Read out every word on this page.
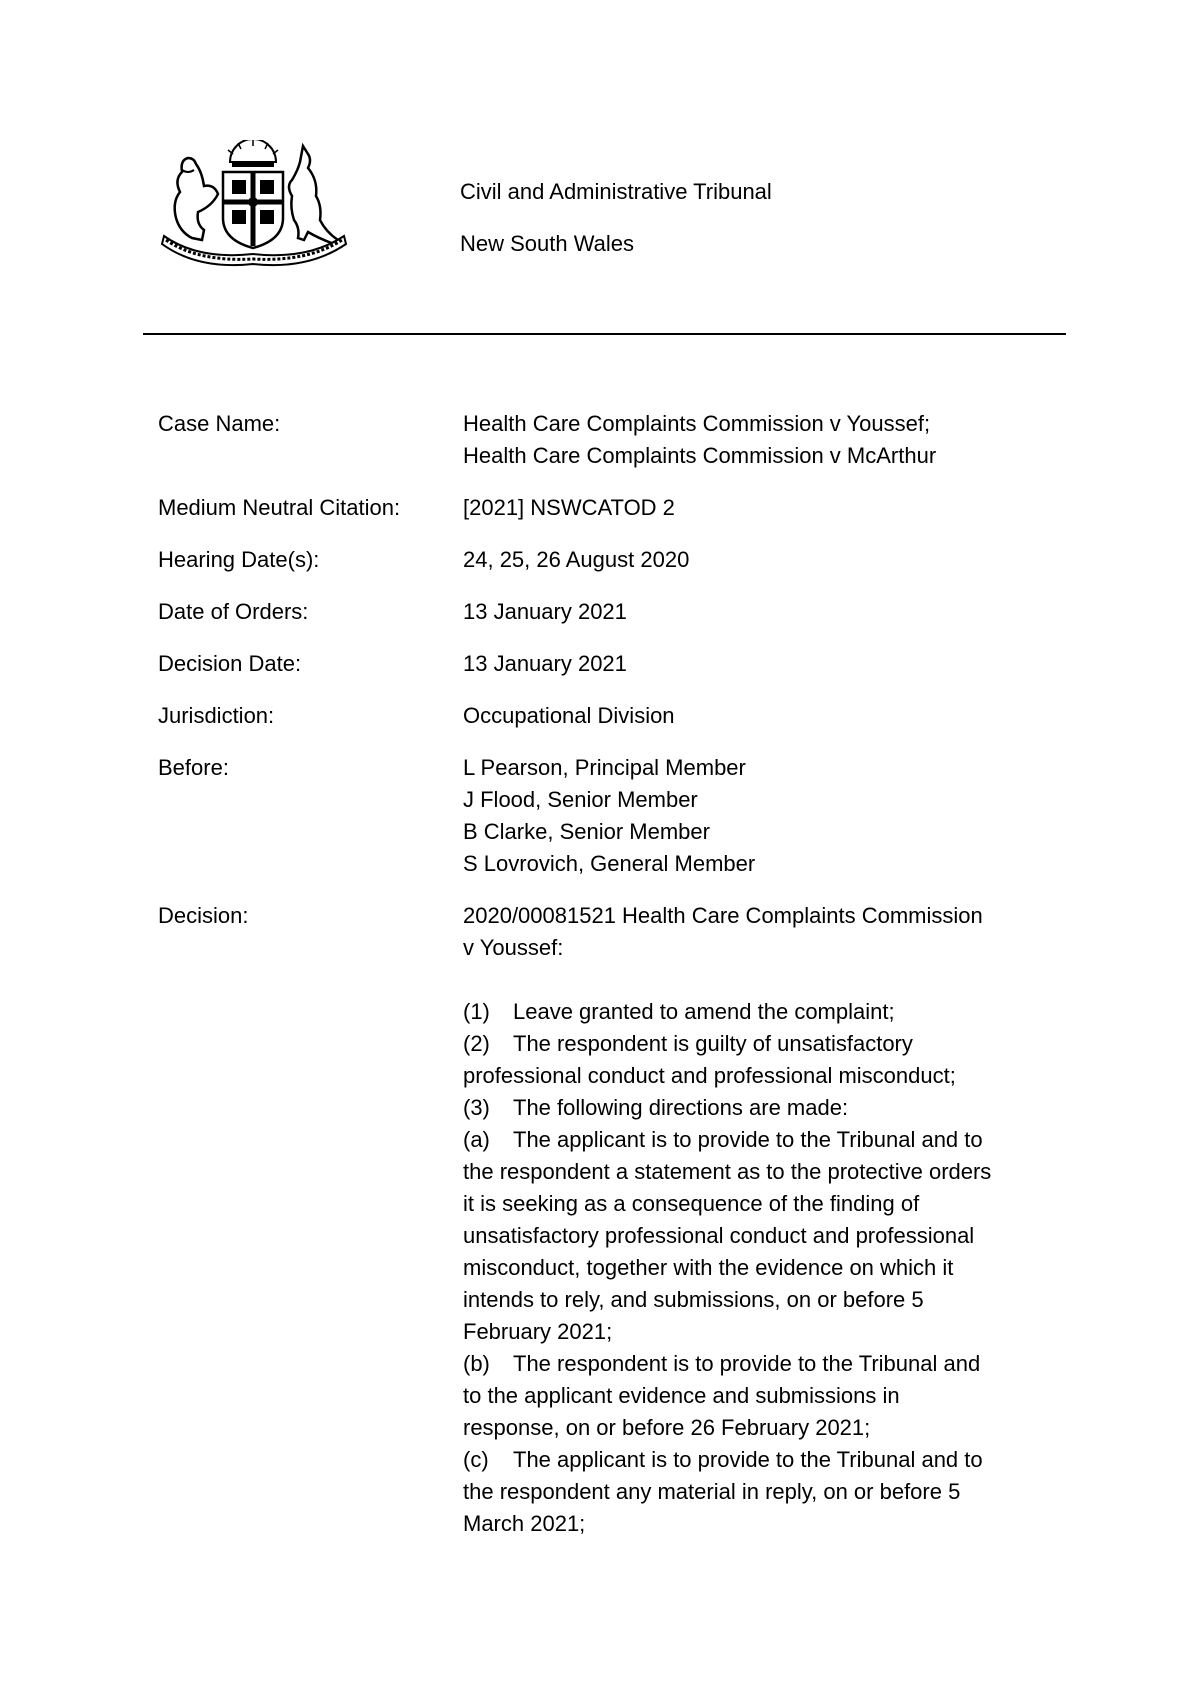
Civil and Administrative Tribunal

New South Wales

Case Name:	Health Care Complaints Commission v Youssef;

Health Care Complaints Commission v McArthur

Medium Neutral Citation:	[2021] NSWCATOD 2

Hearing Date(s):	24, 25, 26 August 2020

Date of Orders:	13 January 2021

Decision Date:	13 January 2021

Jurisdiction:	Occupational Division

Before:	L Pearson, Principal Member

J Flood, Senior Member

B Clarke, Senior Member

S Lovrovich, General Member

Decision:	2020/00081521 Health Care Complaints Commission

v Youssef:

(1) Leave granted to amend the complaint;

(2) The respondent is guilty of unsatisfactory

professional conduct and professional misconduct;

(3) The following directions are made:

(a) The applicant is to provide to the Tribunal and to

the respondent a statement as to the protective orders

it is seeking as a consequence of the finding of

unsatisfactory professional conduct and professional

misconduct, together with the evidence on which it

intends to rely, and submissions, on or before 5

February 2021;

(b) The respondent is to provide to the Tribunal and

to the applicant evidence and submissions in

response, on or before 26 February 2021;

(c) The applicant is to provide to the Tribunal and to

the respondent any material in reply, on or before 5

March 2021;
